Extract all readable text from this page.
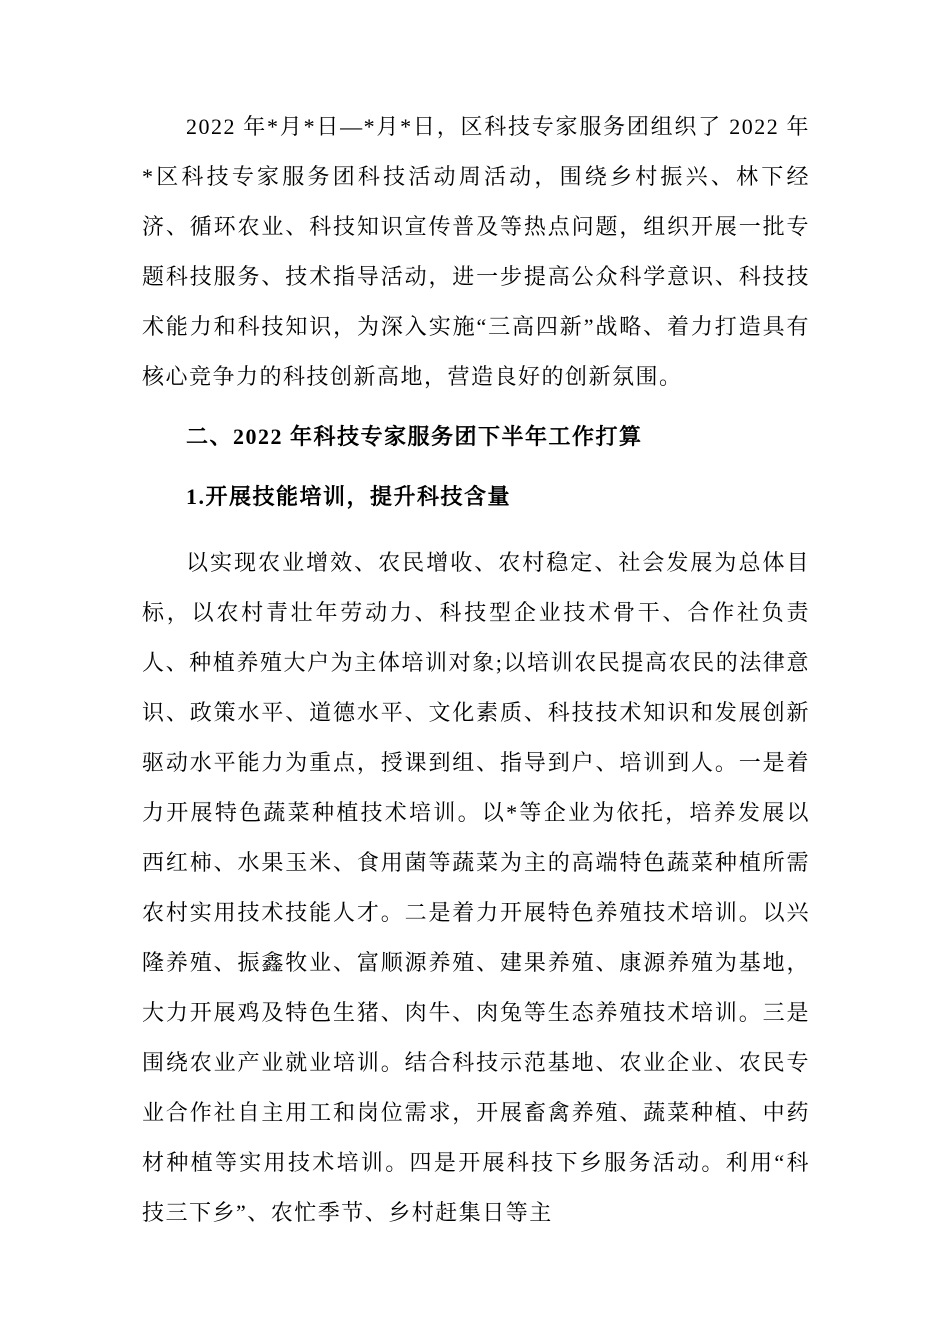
2022 年*月*日—*月*日，区科技专家服务团组织了 2022 年*区科技专家服务团科技活动周活动，围绕乡村振兴、林下经济、循环农业、科技知识宣传普及等热点问题，组织开展一批专题科技服务、技术指导活动，进一步提高公众科学意识、科技技术能力和科技知识，为深入实施“三高四新”战略、着力打造具有核心竞争力的科技创新高地，营造良好的创新氛围。

二、2022 年科技专家服务团下半年工作打算
1.开展技能培训，提升科技含量

以实现农业增效、农民增收、农村稳定、社会发展为总体目标，以农村青壮年劳动力、科技型企业技术骨干、合作社负责人、种植养殖大户为主体培训对象;以培训农民提高农民的法律意识、政策水平、道德水平、文化素质、科技技术知识和发展创新驱动水平能力为重点，授课到组、指导到户、培训到人。一是着力开展特色蔬菜种植技术培训。以*等企业为依托，培养发展以西红柿、水果玉米、食用菌等蔬菜为主的高端特色蔬菜种植所需农村实用技术技能人才。二是着力开展特色养殖技术培训。以兴隆养殖、振鑫牧业、富顺源养殖、建果养殖、康源养殖为基地，大力开展鸡及特色生猪、肉牛、肉兔等生态养殖技术培训。三是围绕农业产业就业培训。结合科技示范基地、农业企业、农民专业合作社自主用工和岗位需求，开展畜禽养殖、蔬菜种植、中药材种植等实用技术培训。四是开展科技下乡服务活动。利用“科技三下乡”、农忙季节、乡村赶集日等主
